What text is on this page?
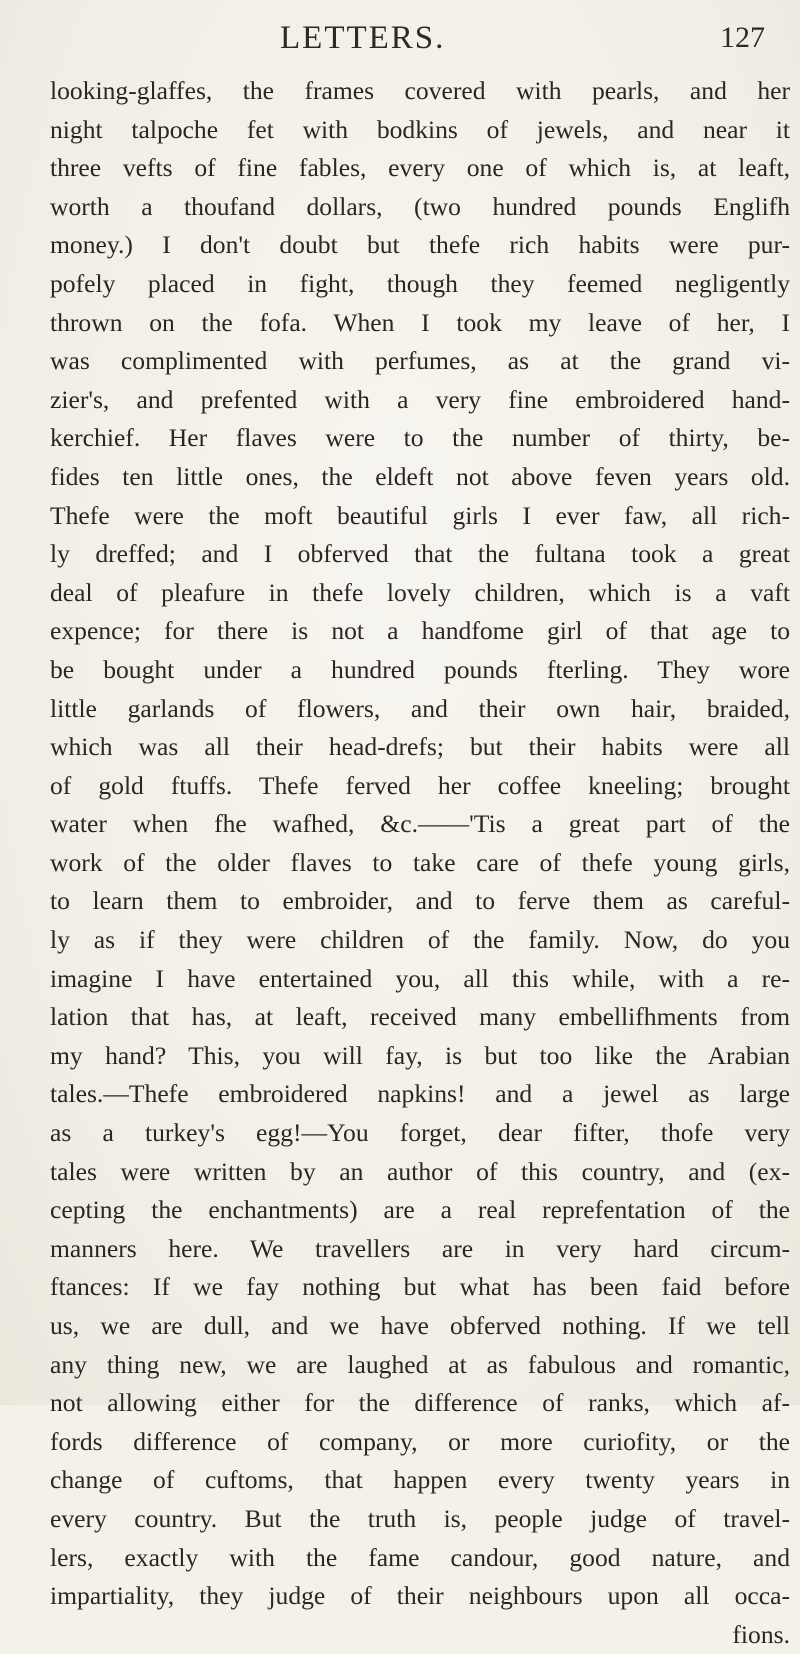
LETTERS.	127
looking-glaffes, the frames covered with pearls, and her
night talpoche fet with bodkins of jewels, and near it
three vefts of fine fables, every one of which is, at leaft,
worth a thoufand dollars, (two hundred pounds Englifh
money.) I don't doubt but thefe rich habits were pur-
pofely placed in fight, though they feemed negligently
thrown on the fofa. When I took my leave of her, I
was complimented with perfumes, as at the grand vi-
zier's, and prefented with a very fine embroidered hand-
kerchief. Her flaves were to the number of thirty, be-
fides ten little ones, the eldeft not above feven years old.
Thefe were the moft beautiful girls I ever faw, all rich-
ly dreffed; and I obferved that the fultana took a great
deal of pleafure in thefe lovely children, which is a vaft
expence; for there is not a handfome girl of that age to
be bought under a hundred pounds fterling. They wore
little garlands of flowers, and their own hair, braided,
which was all their head-drefs; but their habits were all
of gold ftuffs. Thefe ferved her coffee kneeling; brought
water when fhe wafhed, &c.——'Tis a great part of the
work of the older flaves to take care of thefe young girls,
to learn them to embroider, and to ferve them as careful-
ly as if they were children of the family. Now, do you
imagine I have entertained you, all this while, with a re-
lation that has, at leaft, received many embellifhments from
my hand? This, you will fay, is but too like the Arabian
tales.—Thefe embroidered napkins! and a jewel as large
as a turkey's egg!—You forget, dear fifter, thofe very
tales were written by an author of this country, and (ex-
cepting the enchantments) are a real reprefentation of the
manners here. We travellers are in very hard circum-
ftances: If we fay nothing but what has been faid before
us, we are dull, and we have obferved nothing. If we tell
any thing new, we are laughed at as fabulous and romantic,
not allowing either for the difference of ranks, which af-
fords difference of company, or more curiofity, or the
change of cuftoms, that happen every twenty years in
every country. But the truth is, people judge of travel-
lers, exactly with the fame candour, good nature, and
impartiality, they judge of their neighbours upon all occa-
fions.
